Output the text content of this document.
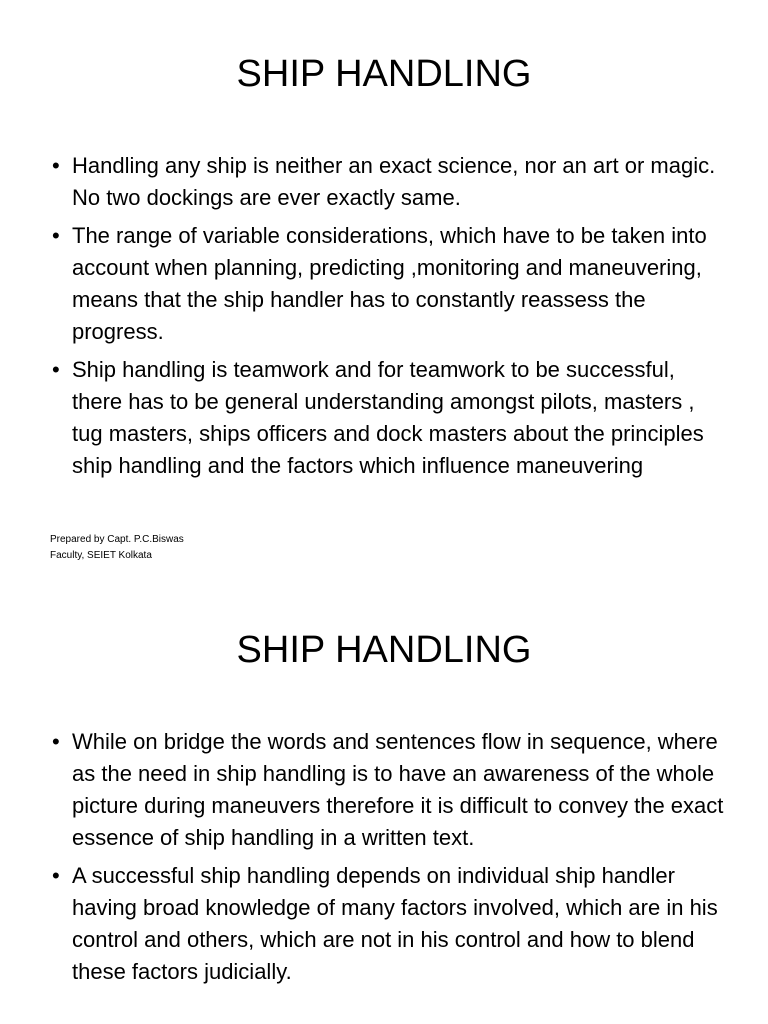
SHIP HANDLING
• Handling any ship is neither an exact science, nor an art or magic. No two dockings are ever exactly same.
• The range of variable considerations, which have to be taken into account when planning, predicting ,monitoring and maneuvering, means that the ship handler has to constantly reassess the progress.
• Ship handling is teamwork and for teamwork to be successful, there has to be general understanding amongst pilots, masters , tug masters, ships officers and dock masters about the principles ship handling and the factors which influence maneuvering
Prepared by Capt. P.C.Biswas
Faculty, SEIET Kolkata
SHIP HANDLING
• While on bridge the words and sentences flow in sequence, where as the need in ship handling is to have an awareness of the whole picture during maneuvers therefore it is difficult to convey the exact essence of ship handling in a written text.
• A successful ship handling depends on individual ship handler having broad knowledge of many factors involved, which are in his control and others, which are not in his control and how to blend these factors judicially.
